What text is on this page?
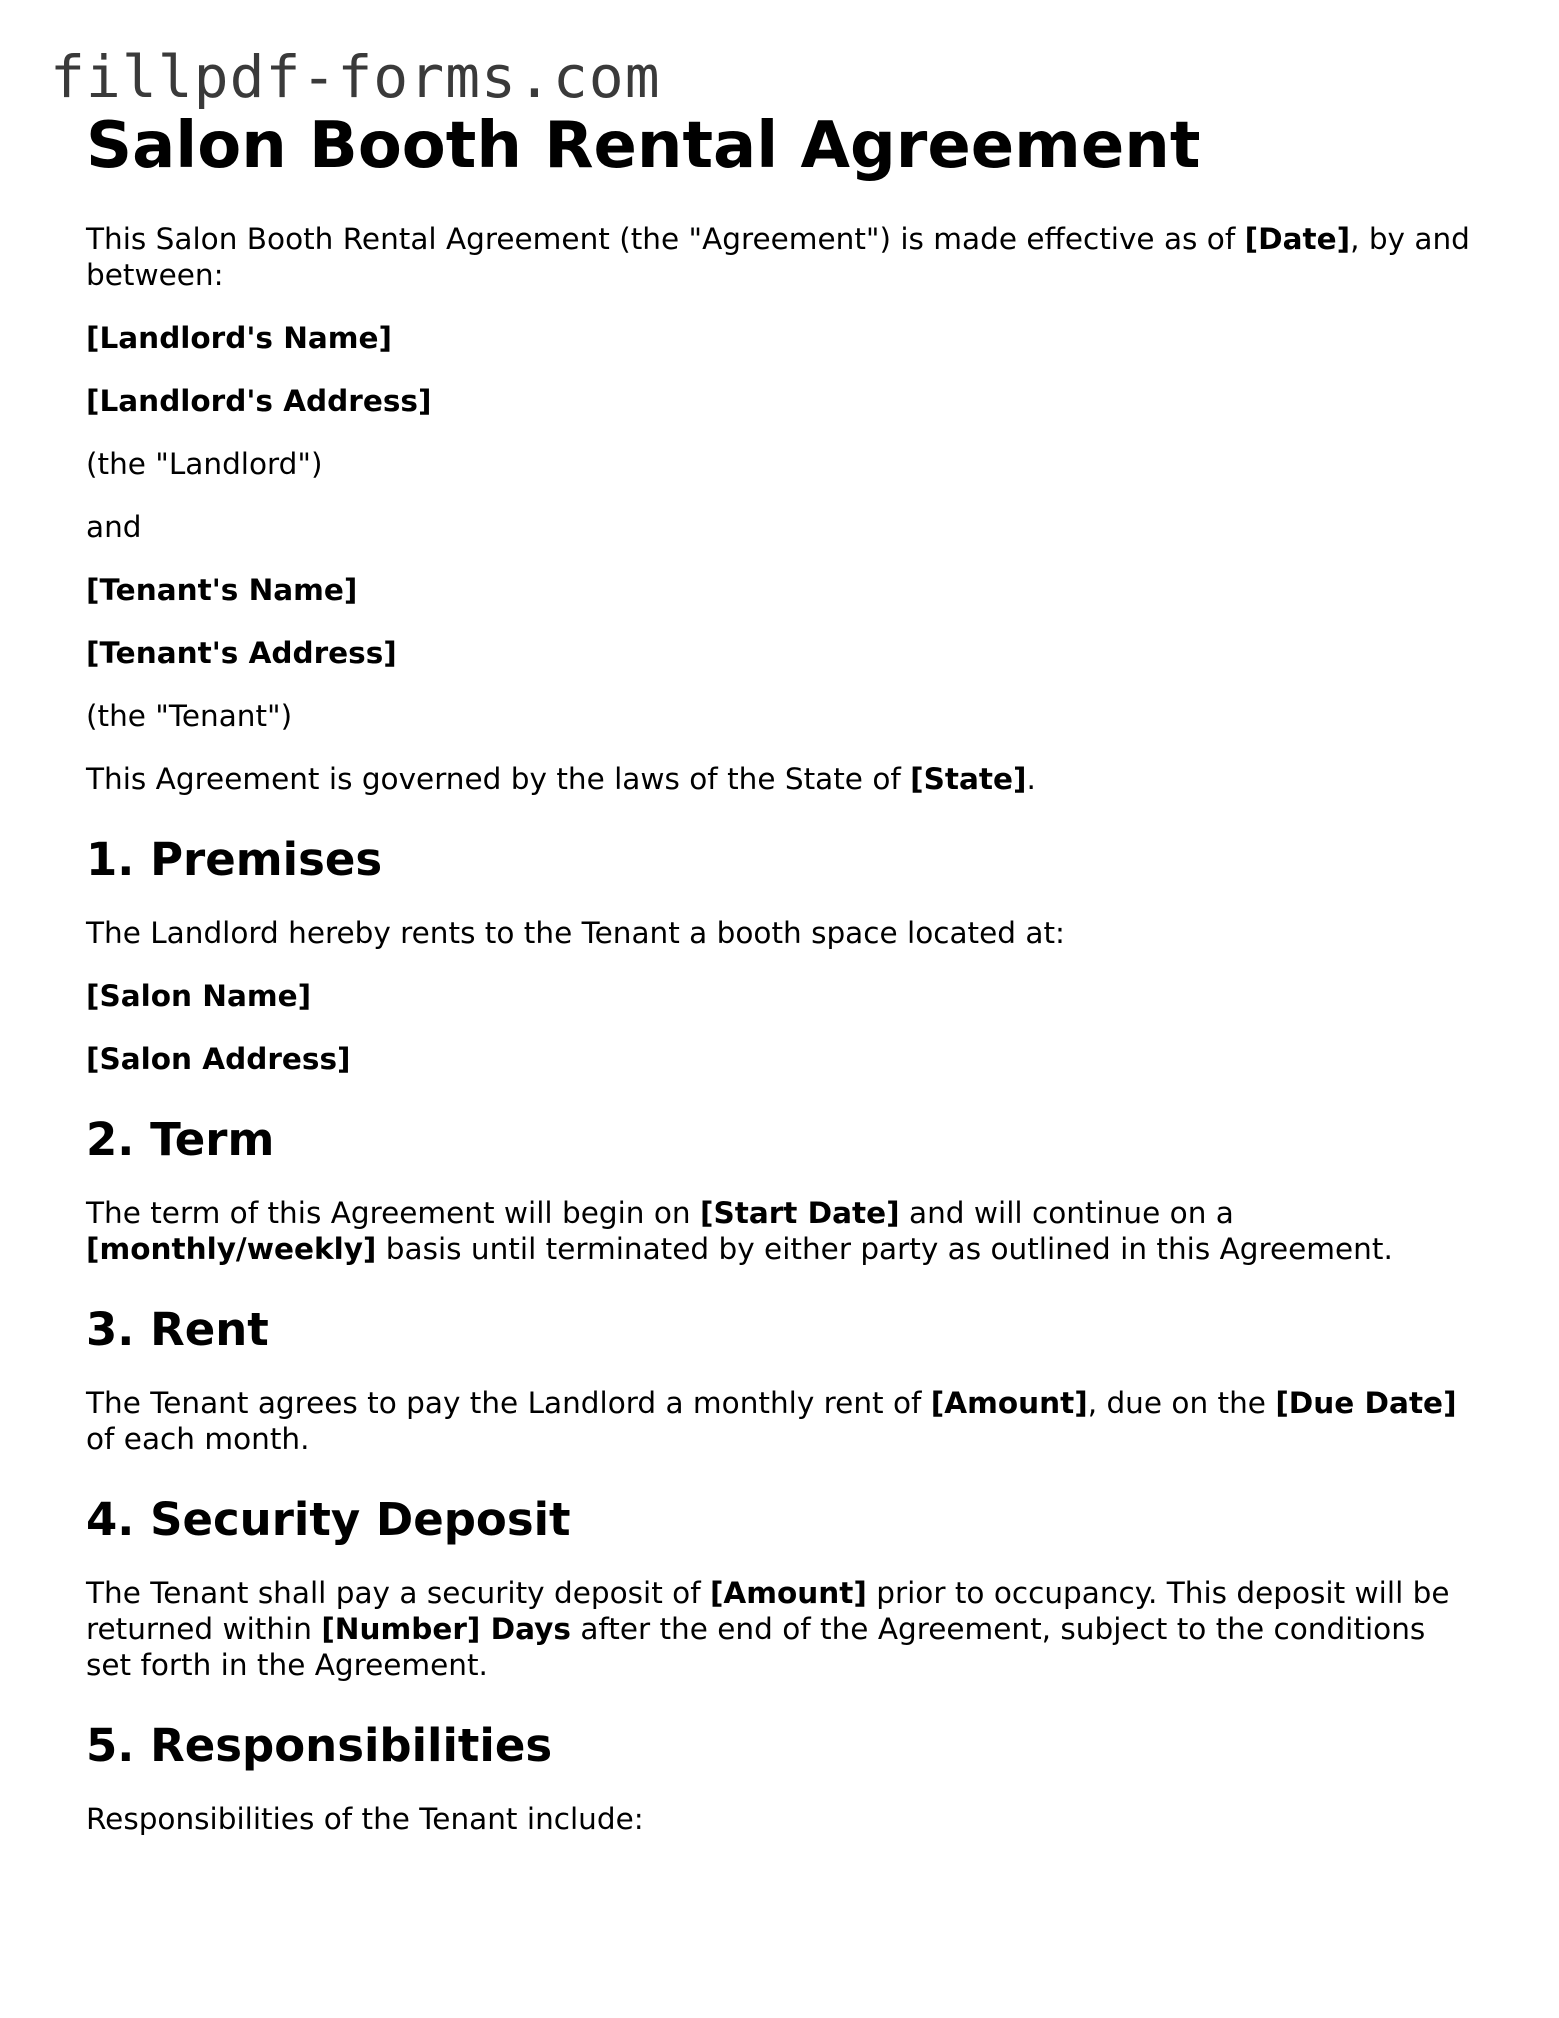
fillpdf-forms.com
Salon Booth Rental Agreement

This Salon Booth Rental Agreement (the "Agreement") is made effective as of [Date], by and between:

[Landlord's Name]

[Landlord's Address]

(the "Landlord")

and

[Tenant's Name]

[Tenant's Address]

(the "Tenant")

This Agreement is governed by the laws of the State of [State].

1. Premises

The Landlord hereby rents to the Tenant a booth space located at:

[Salon Name]

[Salon Address]

2. Term

The term of this Agreement will begin on [Start Date] and will continue on a [monthly/weekly] basis until terminated by either party as outlined in this Agreement.

3. Rent

The Tenant agrees to pay the Landlord a monthly rent of [Amount], due on the [Due Date] of each month.

4. Security Deposit

The Tenant shall pay a security deposit of [Amount] prior to occupancy. This deposit will be returned within [Number] Days after the end of the Agreement, subject to the conditions set forth in the Agreement.

5. Responsibilities

Responsibilities of the Tenant include:
